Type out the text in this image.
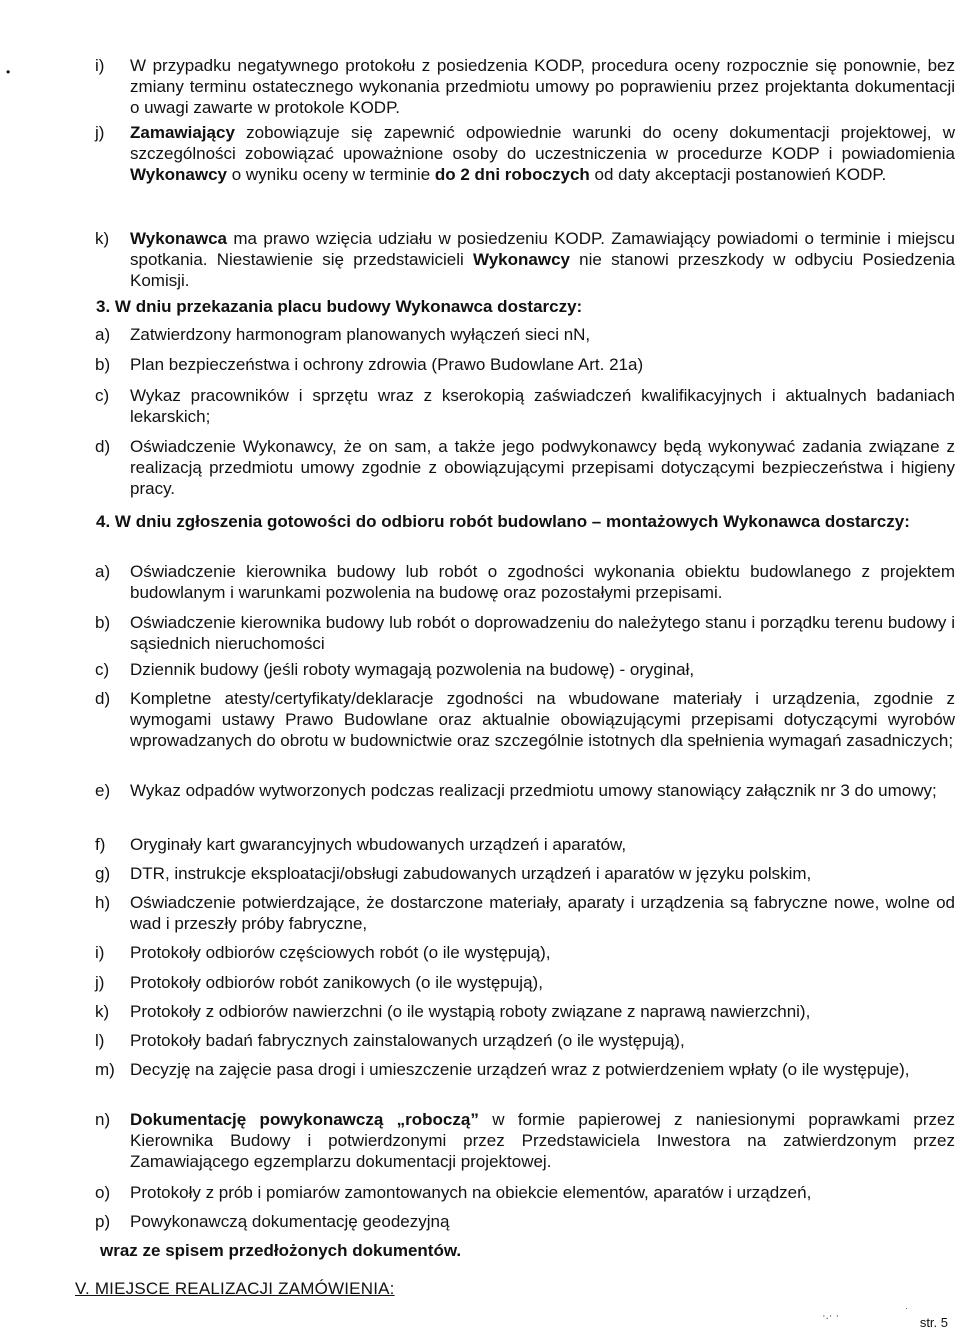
•	i) W przypadku negatywnego protokołu z posiedzenia KODP, procedura oceny rozpocznie się ponownie, bez zmiany terminu ostatecznego wykonania przedmiotu umowy po poprawieniu przez projektanta dokumentacji o uwagi zawarte w protokole KODP.
j) Zamawiający zobowiązuje się zapewnić odpowiednie warunki do oceny dokumentacji projektowej, w szczególności zobowiązać upoważnione osoby do uczestniczenia w procedurze KODP i powiadomienia Wykonawcy o wyniku oceny w terminie do 2 dni roboczych od daty akceptacji postanowień KODP.
k) Wykonawca ma prawo wzięcia udziału w posiedzeniu KODP. Zamawiający powiadomi o terminie i miejscu spotkania. Niestawienie się przedstawicieli Wykonawcy nie stanowi przeszkody w odbyciu Posiedzenia Komisji.
3. W dniu przekazania placu budowy Wykonawca dostarczy:
a) Zatwierdzony harmonogram planowanych wyłączeń sieci nN,
b) Plan bezpieczeństwa i ochrony zdrowia (Prawo Budowlane Art. 21a)
c) Wykaz pracowników i sprzętu wraz z kserokopią zaświadczeń kwalifikacyjnych i aktualnych badaniach lekarskich;
d) Oświadczenie Wykonawcy, że on sam, a także jego podwykonawcy będą wykonywać zadania związane z realizacją przedmiotu umowy zgodnie z obowiązującymi przepisami dotyczącymi bezpieczeństwa i higieny pracy.
4. W dniu zgłoszenia gotowości do odbioru robót budowlano – montażowych Wykonawca dostarczy:
a) Oświadczenie kierownika budowy lub robót o zgodności wykonania obiektu budowlanego z projektem budowlanym i warunkami pozwolenia na budowę oraz pozostałymi przepisami.
b) Oświadczenie kierownika budowy lub robót o doprowadzeniu do należytego stanu i porządku terenu budowy i sąsiednich nieruchomości
c) Dziennik budowy (jeśli roboty wymagają pozwolenia na budowę) - oryginał,
d) Kompletne atesty/certyfikaty/deklaracje zgodności na wbudowane materiały i urządzenia, zgodnie z wymogami ustawy Prawo Budowlane oraz aktualnie obowiązującymi przepisami dotyczącymi wyrobów wprowadzanych do obrotu w budownictwie oraz szczególnie istotnych dla spełnienia wymagań zasadniczych;
e) Wykaz odpadów wytworzonych podczas realizacji przedmiotu umowy stanowiący załącznik nr 3 do umowy;
f) Oryginały kart gwarancyjnych wbudowanych urządzeń i aparatów,
g) DTR, instrukcje eksploatacji/obsługi zabudowanych urządzeń i aparatów w języku polskim,
h) Oświadczenie potwierdzające, że dostarczone materiały, aparaty i urządzenia są fabryczne nowe, wolne od wad i przeszły próby fabryczne,
i) Protokoły odbiorów częściowych robót (o ile występują),
j) Protokoły odbiorów robót zanikowych (o ile występują),
k) Protokoły z odbiorów nawierzchni (o ile wystąpią roboty związane z naprawą nawierzchni),
l) Protokoły badań fabrycznych zainstalowanych urządzeń (o ile występują),
m) Decyzję na zajęcie pasa drogi i umieszczenie urządzeń wraz z potwierdzeniem wpłaty (o ile występuje),
n) Dokumentację powykonawczą „roboczą” w formie papierowej z naniesionymi poprawkami przez Kierownika Budowy i potwierdzonymi przez Przedstawiciela Inwestora na zatwierdzonym przez Zamawiającego egzemplarzu dokumentacji projektowej.
o) Protokoły z prób i pomiarów zamontowanych na obiekcie elementów, aparatów i urządzeń,
p) Powykonawczą dokumentację geodezyjną
wraz ze spisem przedłożonych dokumentów.
V. MIEJSCE REALIZACJI ZAMÓWIENIA:
·.· ·
·
str. 5
